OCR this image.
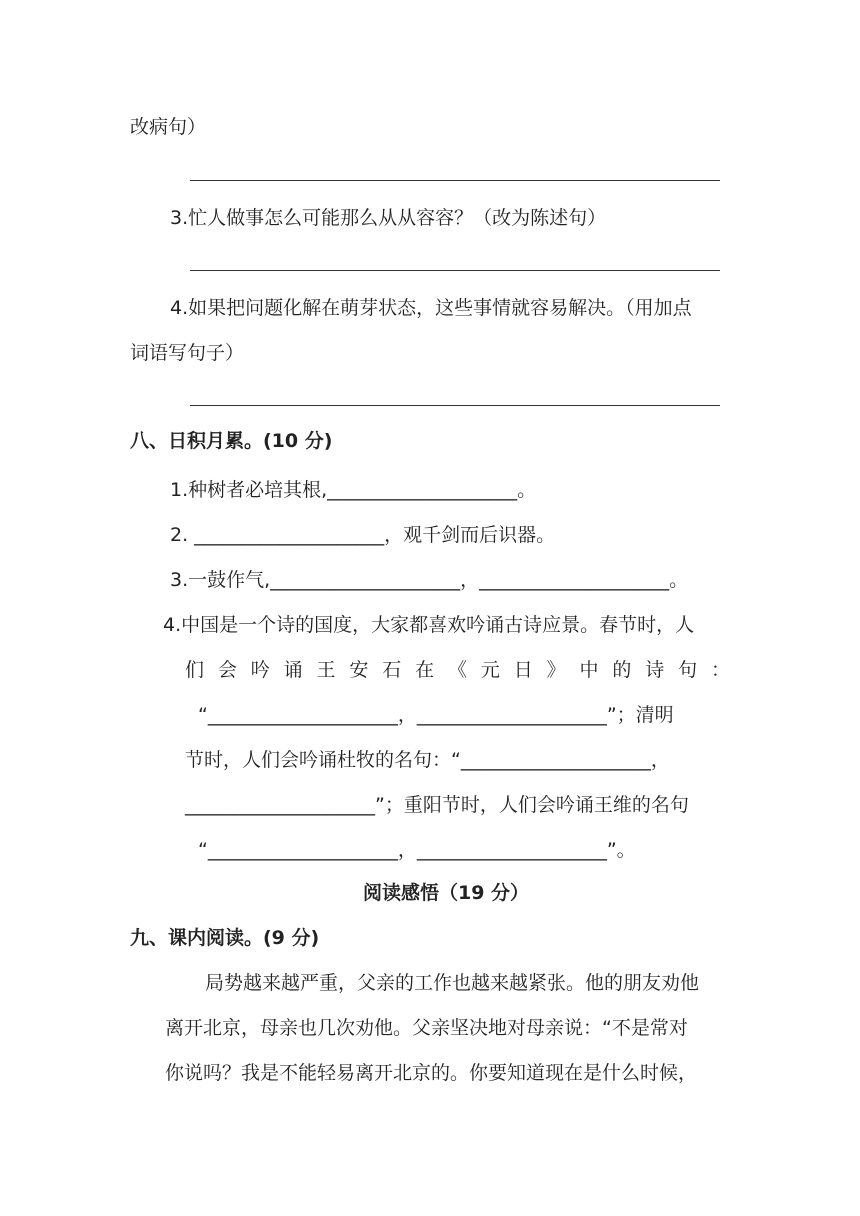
改病句）
3.忙人做事怎么可能那么从从容容？（改为陈述句）
4.如果把问题化解在萌芽状态，这些事情就容易解决。（用加点
词语写句子）
八、日积月累。(10 分)
1.种树者必培其根,____________________。
2. ____________________，观千剑而后识器。
3.一鼓作气,____________________，____________________。
4.中国是一个诗的国度，大家都喜欢吟诵古诗应景。春节时，人
们会吟诵王安石在《元日》中的诗句：
“____________________，____________________”；清明
节时，人们会吟诵杜牧的名句：“____________________，
____________________”；重阳节时，人们会吟诵王维的名句
“____________________，____________________”。
阅读感悟（19 分）
九、课内阅读。(9 分)
局势越来越严重，父亲的工作也越来越紧张。他的朋友劝他
离开北京，母亲也几次劝他。父亲坚决地对母亲说：“不是常对
你说吗？我是不能轻易离开北京的。你要知道现在是什么时候，
